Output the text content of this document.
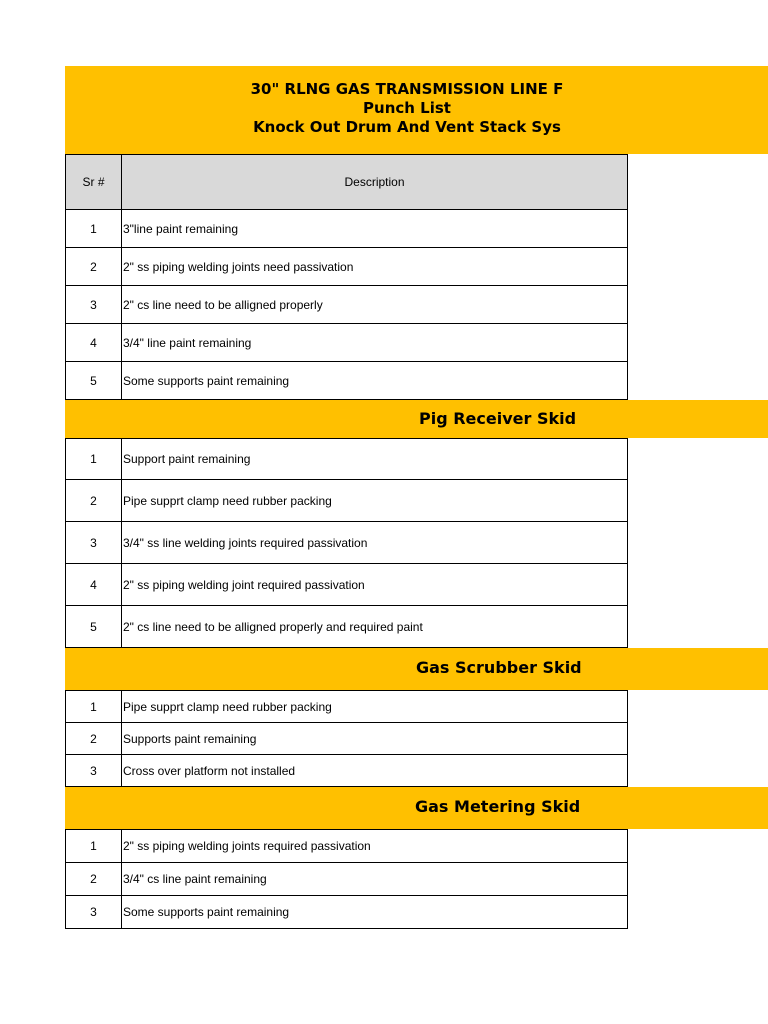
30" RLNG GAS TRANSMISSION LINE F
Punch List
Knock Out Drum And Vent Stack Sys
Sr #	Description
1	3"line paint remaining
2	2" ss piping welding joints need passivation
3	2" cs line need to be alligned properly
4	3/4" line paint remaining
5	Some supports paint remaining
Pig Receiver Skid
1	Support paint remaining
2	Pipe supprt clamp need rubber packing
3	3/4" ss line welding joints required passivation
4	2" ss piping welding joint required passivation
5	2" cs line need to be alligned properly and required paint
Gas Scrubber Skid
1	Pipe supprt clamp need rubber packing
2	Supports paint remaining
3	Cross over platform not installed
Gas Metering Skid
1	2" ss piping welding joints required passivation
2	3/4" cs line paint remaining
3	Some supports paint remaining
